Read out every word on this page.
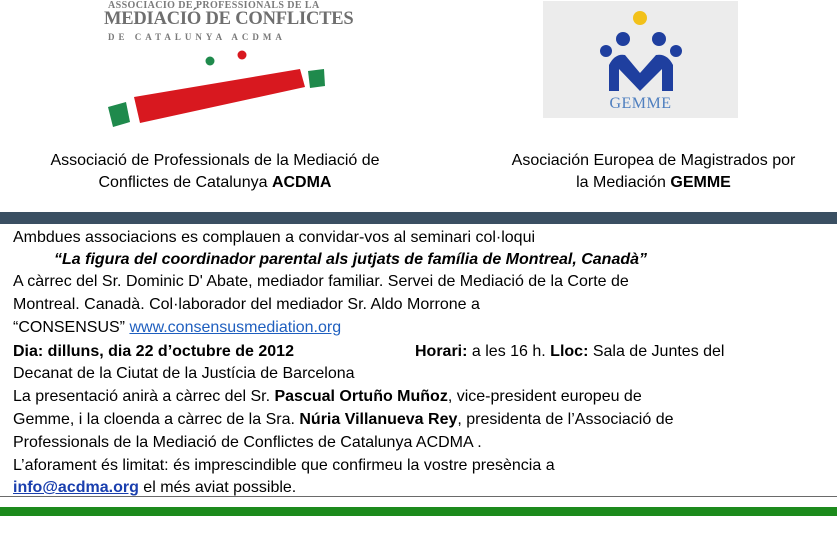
ASSOCIACIO DE PROFESSIONALS DE LA
MEDIACIÓ DE CONFLICTES
DE CATALUNYA ACDMA
Associació de Professionals de la Mediació de
Conflictes de Catalunya ACDMA
GEMME
Asociación Europea de Magistrados por
la Mediación GEMME
Ambdues associacions es complauen a convidar-vos al seminari col·loqui
“La figura del coordinador parental als jutjats de família de Montreal, Canadà”
A càrrec del Sr. Dominic D' Abate, mediador familiar. Servei de Mediació de la Corte de
Montreal. Canadà. Col·laborador del mediador Sr. Aldo Morrone a
“CONSENSUS” www.consensusmediation.org
Dia: dilluns, dia 22 d’octubre de 2012	Horari: a les 16 h. Lloc: Sala de Juntes del
Decanat de la Ciutat de la Justícia de Barcelona
La presentació anirà a càrrec del Sr. Pascual Ortuño Muñoz, vice-president europeu de
Gemme, i la cloenda a càrrec de la Sra. Núria Villanueva Rey, presidenta de l’Associació de
Professionals de la Mediació de Conflictes de Catalunya ACDMA .
L’aforament és limitat: és imprescindible que confirmeu la vostre presència a
info@acdma.org el més aviat possible.
